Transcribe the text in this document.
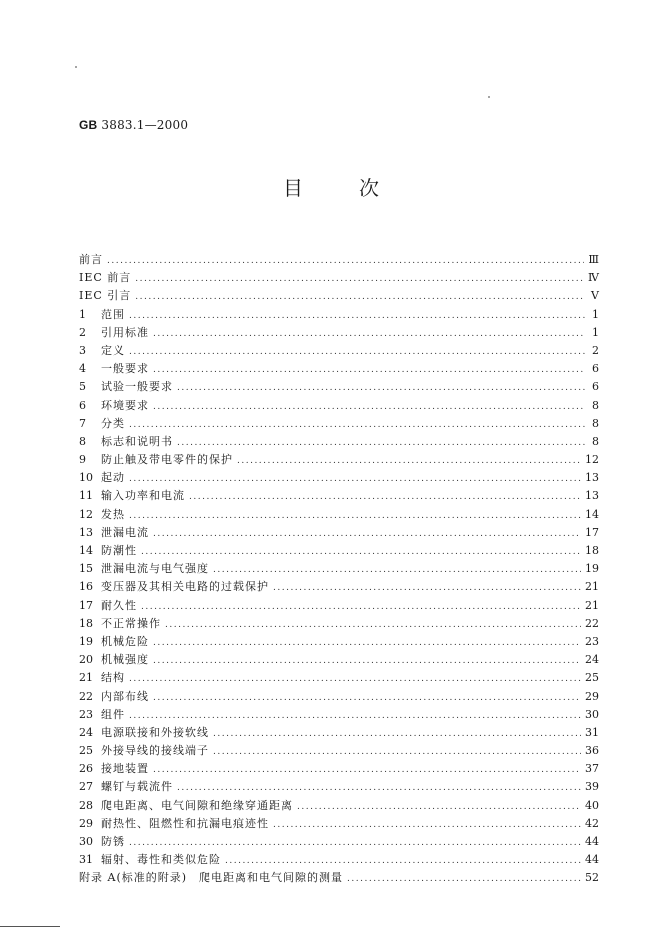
GB 3883.1—2000
目次
前言 .....	Ⅲ
IEC 前言 .....	Ⅳ
IEC 引言 .....	Ⅴ
1	范围 .....	1
2	引用标准 .....	1
3	定义 .....	2
4	一般要求 .....	6
5	试验一般要求 .....	6
6	环境要求 .....	8
7	分类 .....	8
8	标志和说明书 .....	8
9	防止触及带电零件的保护 .....	12
10 起动 .....	13
11 输入功率和电流 .....	13
12 发热 .....	14
13 泄漏电流 .....	17
14 防潮性 .....	18
15 泄漏电流与电气强度 .....	19
16 变压器及其相关电路的过载保护 .....	21
17 耐久性 .....	21
18 不正常操作 .....	22
19 机械危险 .....	23
20 机械强度 .....	24
21 结构 .....	25
22 内部布线 .....	29
23 组件 .....	30
24 电源联接和外接软线 .....	31
25 外接导线的接线端子 .....	36
26 接地装置 .....	37
27 螺钉与载流件 .....	39
28 爬电距离、电气间隙和绝缘穿通距离 .....	40
29 耐热性、阻燃性和抗漏电痕迹性 .....	42
30 防锈 .....	44
31 辐射、毒性和类似危险 .....	44
附录 A(标准的附录)　爬电距离和电气间隙的测量 .....	52
